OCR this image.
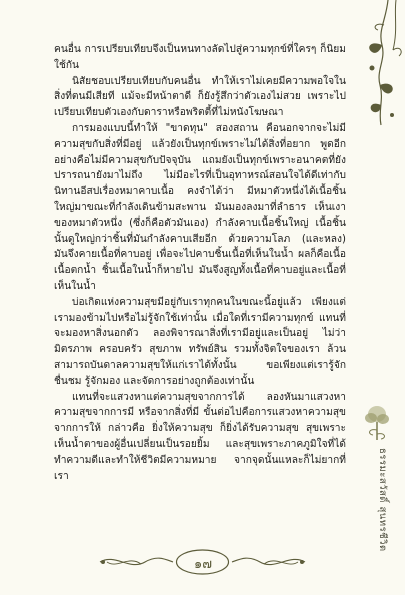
คนอื่น การเปรียบเทียบจึงเป็นหนทางลัดไปสู่ความทุกข์ที่ใครๆ ก็นิยมใช้กัน

นิสัยชอบเปรียบเทียบกับคนอื่น ทำให้เราไม่เคยมีความพอใจในสิ่งที่ตนมีเสียที แม้จะมีหน้าตาดี ก็ยังรู้สึกว่าตัวเองไม่สวย เพราะไปเปรียบเทียบตัวเองกับดาราหรือพริตตี้ที่ไม่หนังโฆษณา

การมองแบบนี้ทำให้ "ขาดทุน" สองสถาน คือนอกจากจะไม่มีความสุขกับสิ่งที่มีอยู่ แล้วยังเป็นทุกข์เพราะไม่ได้สิ่งที่อยาก พูดอีกอย่างคือไม่มีความสุขกับปัจจุบัน แถมยังเป็นทุกข์เพราะอนาคตที่ยังปรารถนายังมาไม่ถึง ไม่มีอะไรที่เป็นอุทาหรณ์สอนใจได้ดีเท่ากับนิทานอีสปเรื่องหมาคาบเนื้อ คงจำได้ว่า มีหมาตัวหนึ่งได้เนื้อชิ้นใหญ่มาขณะที่กำลังเดินข้ามสะพาน มันมองลงมาที่ลำธาร เห็นเงาของหมาตัวหนึ่ง (ซึ่งก็คือตัวมันเอง) กำลังคาบเนื้อชิ้นใหญ่ เนื้อชิ้นนั้นดูใหญ่กว่าชิ้นที่มันกำลังคาบเสียอีก ด้วยความโลภ (และหลง) มันจึงคายเนื้อที่คาบอยู่ เพื่อจะไปคาบชิ้นเนื้อที่เห็นในน้ำ ผลก็คือเนื้อเนื้อตกน้ำ ชิ้นเนื้อในน้ำก็หายไป มันจึงสูญทั้งเนื้อที่คาบอยู่และเนื้อที่เห็นในน้ำ

บ่อเกิดแห่งความสุขมีอยู่กับเราทุกคนในขณะนี้อยู่แล้ว เพียงแต่เรามองข้ามไปหรือไม่รู้จักใช้เท่านั้น เมื่อใดที่เรามีความทุกข์ แทนที่จะมองหาสิ่งนอกตัว ลองพิจารณาสิ่งที่เรามีอยู่และเป็นอยู่ ไม่ว่า มิตรภาพ ครอบครัว สุขภาพ ทรัพย์สิน รวมทั้งจิตใจของเรา ล้วนสามารถบันดาลความสุขให้แก่เราได้ทั้งนั้น ขอเพียงแต่เรารู้จักชื่นชม รู้จักมอง และจัดการอย่างถูกต้องเท่านั้น

แทนที่จะแสวงหาแต่ความสุขจากการได้ ลองหันมาแสวงหาความสุขจากการมี หรือจากสิ่งที่มี ขั้นต่อไปคือการแสวงหาความสุขจากการให้ กล่าวคือ ยิ่งให้ความสุข ก็ยิ่งได้รับความสุข สุขเพราะเห็นน้ำตาของผู้อื่นเปลี่ยนเป็นรอยยิ้ม และสุขเพราะภาคภูมิใจที่ได้ทำความดีและทำให้ชีวิตมีความหมาย จากจุดนั้นแหละก็ไม่ยากที่เรา	ธรรมะสวัสดิ์ สุนทรชีวิต
๑๗
